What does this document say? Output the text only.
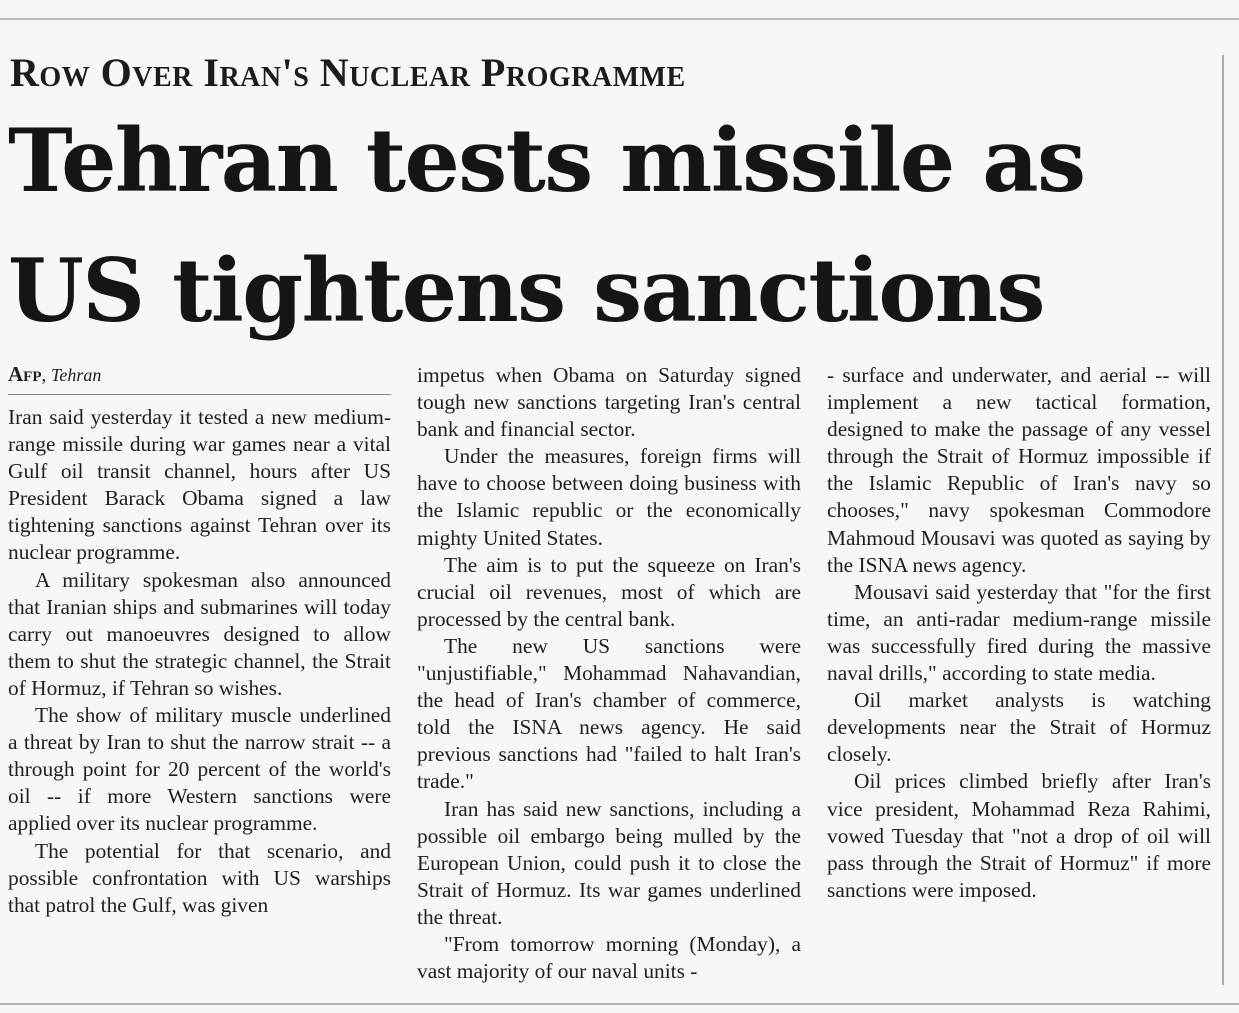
Row Over Iran's Nuclear Programme
Tehran tests missile as
US tightens sanctions
Afp, Tehran

Iran said yesterday it tested a new medium-range missile during war games near a vital Gulf oil transit channel, hours after US President Barack Obama signed a law tightening sanctions against Tehran over its nuclear programme.

A military spokesman also announced that Iranian ships and submarines will today carry out manoeuvres designed to allow them to shut the strategic channel, the Strait of Hormuz, if Tehran so wishes.

The show of military muscle underlined a threat by Iran to shut the narrow strait -- a through point for 20 percent of the world's oil -- if more Western sanctions were applied over its nuclear programme.

The potential for that scenario, and possible confrontation with US warships that patrol the Gulf, was given

impetus when Obama on Saturday signed tough new sanctions targeting Iran's central bank and financial sector.

Under the measures, foreign firms will have to choose between doing business with the Islamic republic or the economically mighty United States.

The aim is to put the squeeze on Iran's crucial oil revenues, most of which are processed by the central bank.

The new US sanctions were "unjustifiable," Mohammad Nahavandian, the head of Iran's chamber of commerce, told the ISNA news agency. He said previous sanctions had "failed to halt Iran's trade."

Iran has said new sanctions, including a possible oil embargo being mulled by the European Union, could push it to close the Strait of Hormuz. Its war games underlined the threat.

"From tomorrow morning (Monday), a vast majority of our naval units -

- surface and underwater, and aerial -- will implement a new tactical formation, designed to make the passage of any vessel through the Strait of Hormuz impossible if the Islamic Republic of Iran's navy so chooses," navy spokesman Commodore Mahmoud Mousavi was quoted as saying by the ISNA news agency.

Mousavi said yesterday that "for the first time, an anti-radar medium-range missile was successfully fired during the massive naval drills," according to state media.

Oil market analysts is watching developments near the Strait of Hormuz closely.

Oil prices climbed briefly after Iran's vice president, Mohammad Reza Rahimi, vowed Tuesday that "not a drop of oil will pass through the Strait of Hormuz" if more sanctions were imposed.
